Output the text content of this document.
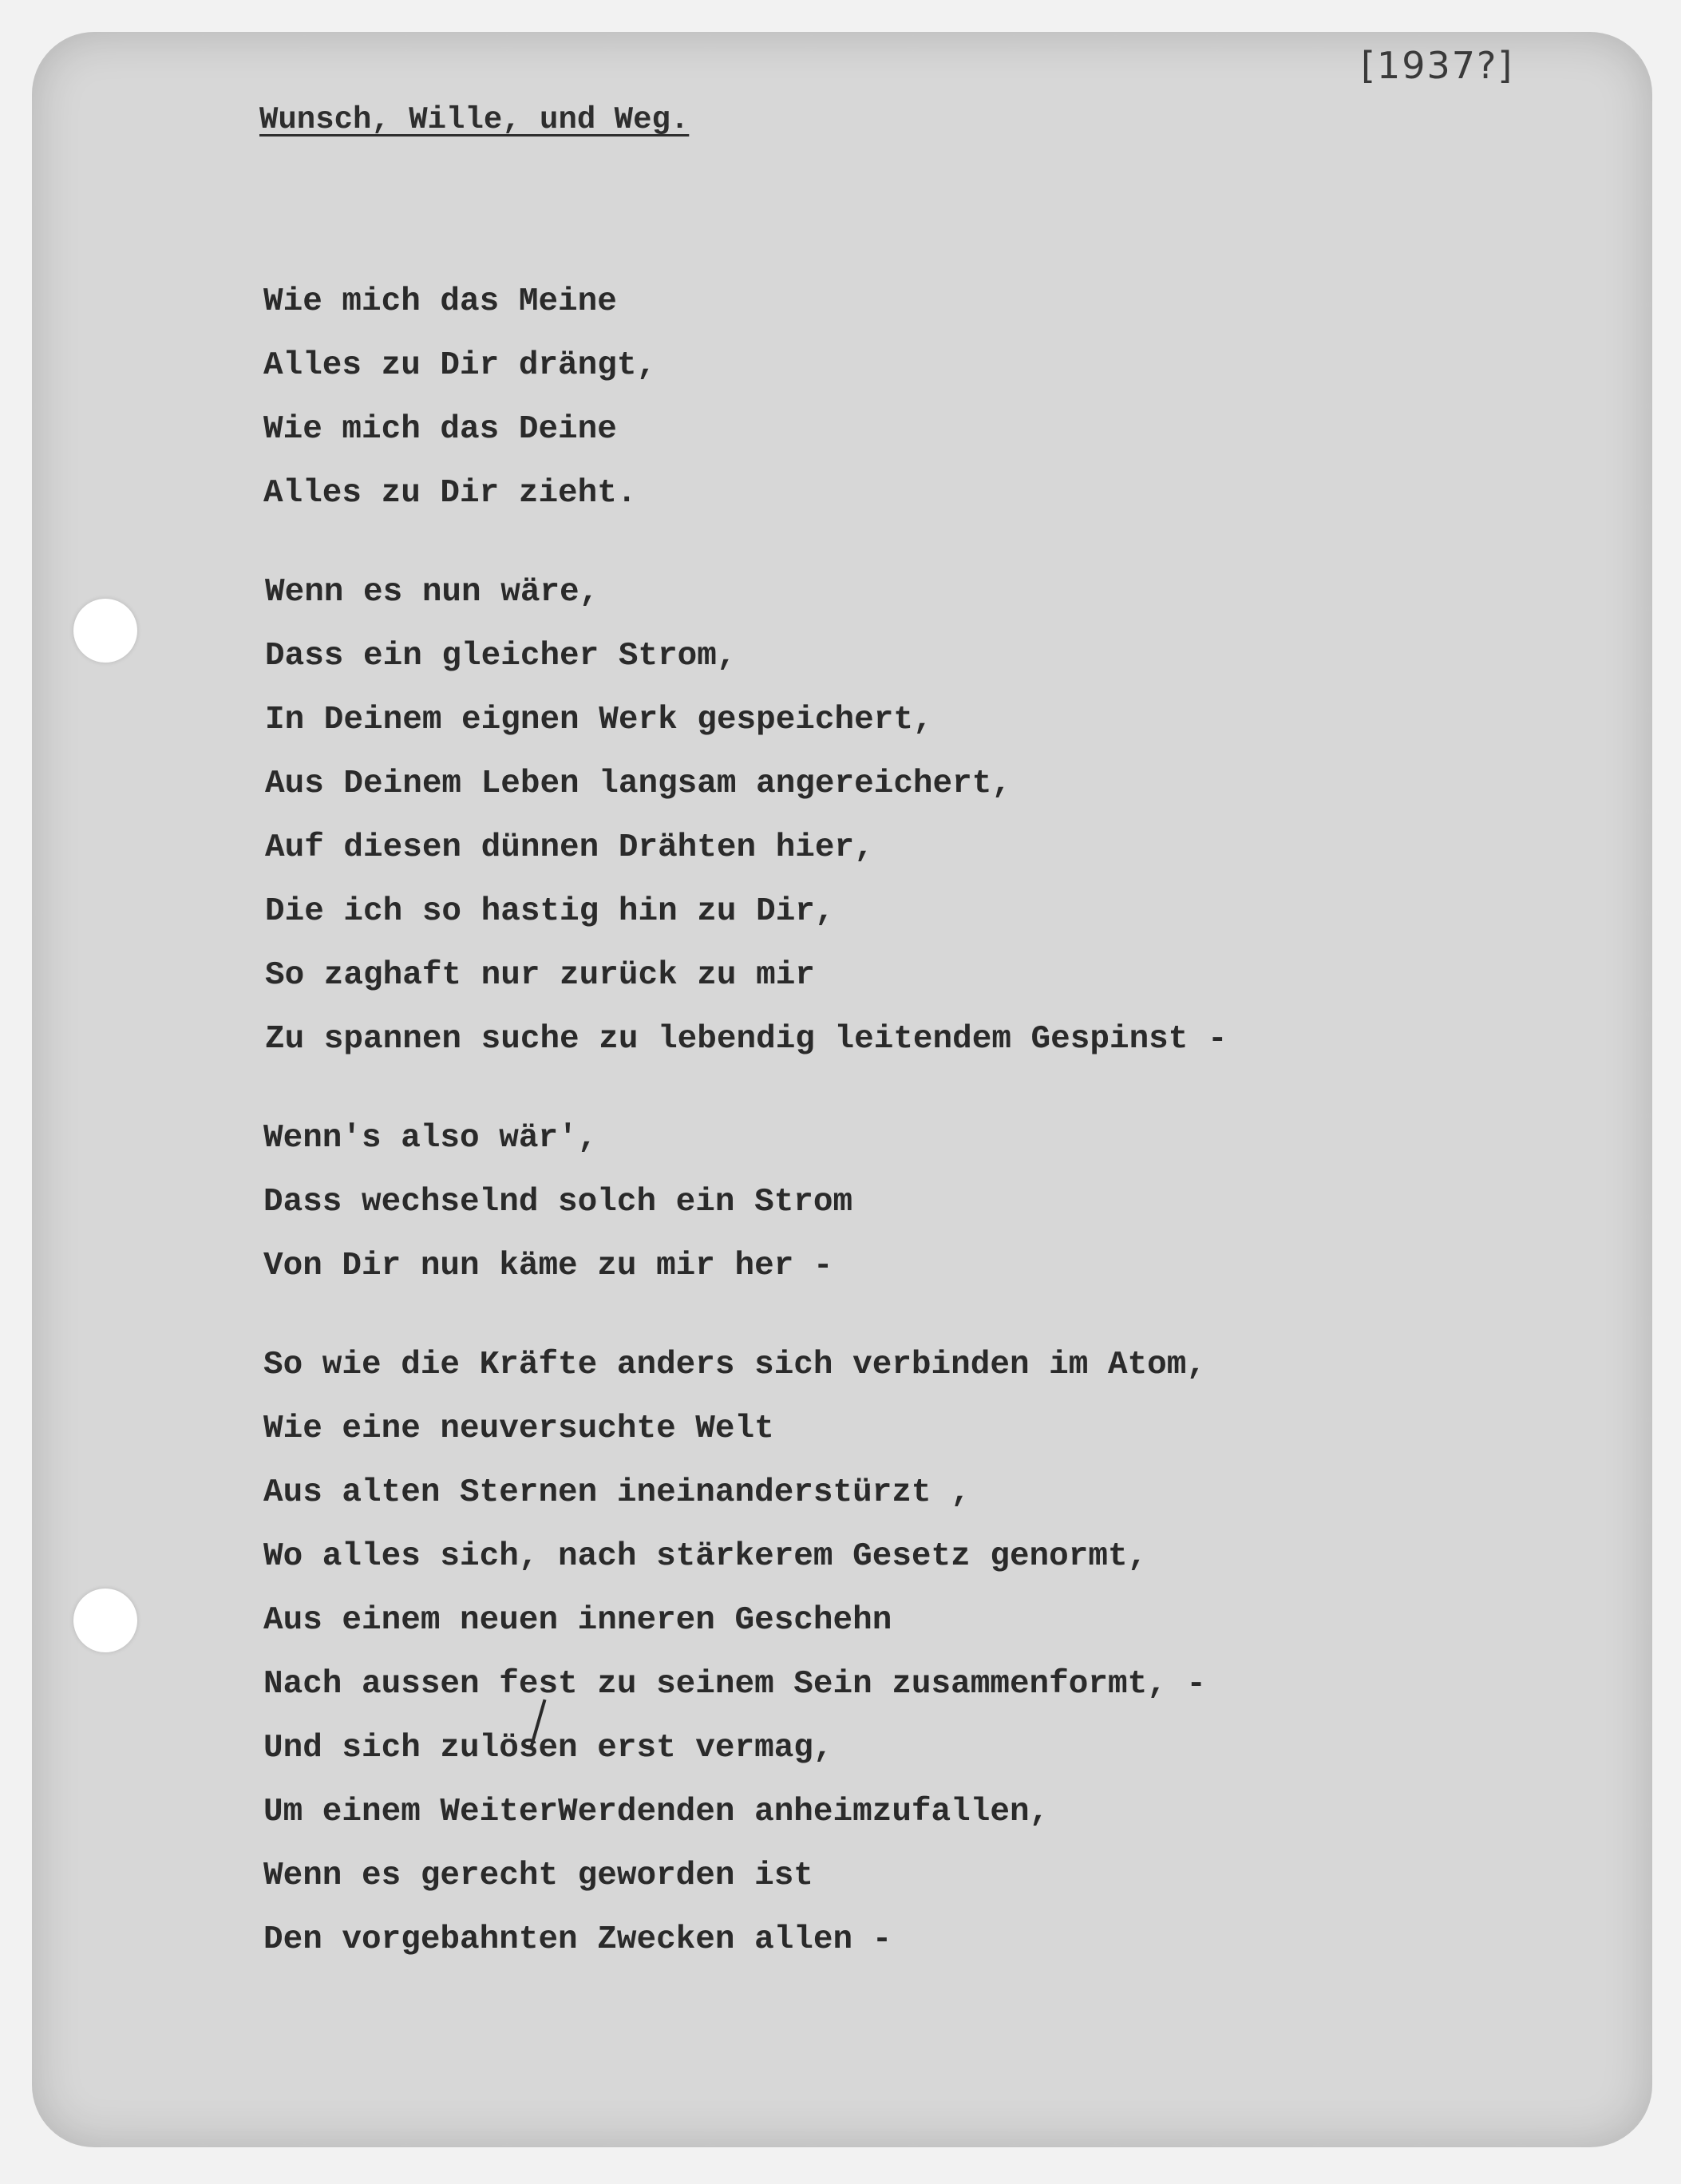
[1937?]
Wunsch, Wille, und Weg.
Wie mich das Meine
Alles zu Dir drängt,
Wie mich das Deine
Alles zu Dir zieht.
Wenn es nun wäre,
Dass ein gleicher Strom,
In Deinem eignen Werk gespeichert,
Aus Deinem Leben langsam angereichert,
Auf diesen dünnen Drähten hier,
Die ich so hastig hin zu Dir,
So zaghaft nur zurück zu mir
Zu spannen suche zu lebendig leitendem Gespinst -
Wenn's also wär',
Dass wechselnd solch ein Strom
Von Dir nun käme zu mir her -
So wie die Kräfte anders sich verbinden im Atom,
Wie eine neuversuchte Welt
Aus alten Sternen ineinanderstürzt ,
Wo alles sich, nach stärkerem Gesetz genormt,
Aus einem neuen inneren Geschehn
Nach aussen fest zu seinem Sein zusammenformt, -
Und sich zulösen erst vermag,
Um einem WeiterWerdenden anheimzufallen,
Wenn es gerecht geworden ist
Den vorgebahnten Zwecken allen -
